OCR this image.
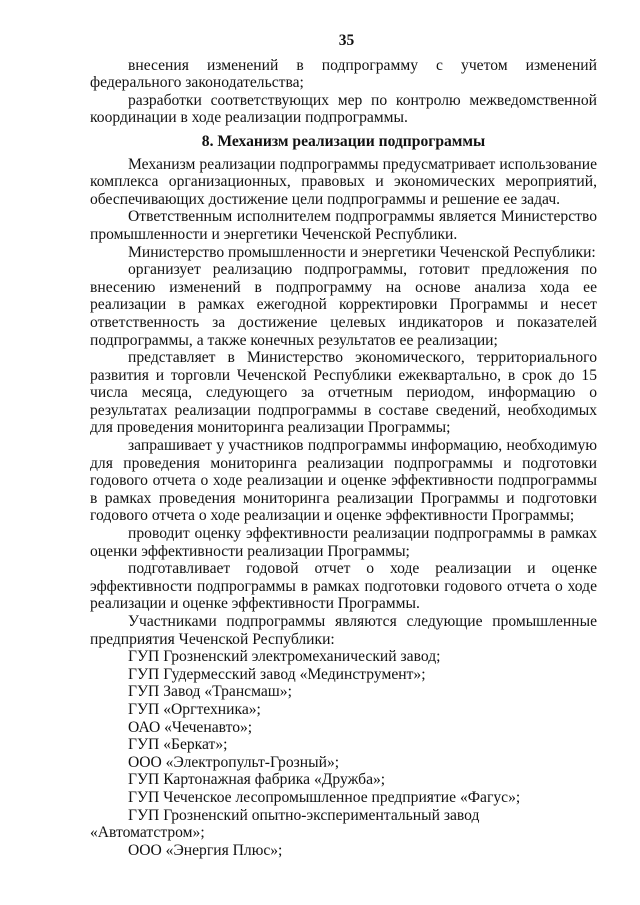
35

внесения изменений в подпрограмму с учетом изменений федерального законодательства;

разработки соответствующих мер по контролю межведомственной координации в ходе реализации подпрограммы.

8. Механизм реализации подпрограммы

Механизм реализации подпрограммы предусматривает использование комплекса организационных, правовых и экономических мероприятий, обеспечивающих достижение цели подпрограммы и решение ее задач.

Ответственным исполнителем подпрограммы является Министерство промышленности и энергетики Чеченской Республики.

Министерство промышленности и энергетики Чеченской Республики:

организует реализацию подпрограммы, готовит предложения по внесению изменений в подпрограмму на основе анализа хода ее реализации в рамках ежегодной корректировки Программы и несет ответственность за достижение целевых индикаторов и показателей подпрограммы, а также конечных результатов ее реализации;

представляет в Министерство экономического, территориального развития и торговли Чеченской Республики ежеквартально, в срок до 15 числа месяца, следующего за отчетным периодом, информацию о результатах реализации подпрограммы в составе сведений, необходимых для проведения мониторинга реализации Программы;

запрашивает у участников подпрограммы информацию, необходимую для проведения мониторинга реализации подпрограммы и подготовки годового отчета о ходе реализации и оценке эффективности подпрограммы в рамках проведения мониторинга реализации Программы и подготовки годового отчета о ходе реализации и оценке эффективности Программы;

проводит оценку эффективности реализации подпрограммы в рамках оценки эффективности реализации Программы;

подготавливает годовой отчет о ходе реализации и оценке эффективности подпрограммы в рамках подготовки годового отчета о ходе реализации и оценке эффективности Программы.

Участниками подпрограммы являются следующие промышленные предприятия Чеченской Республики:

ГУП Грозненский электромеханический завод;

ГУП Гудермесский завод «Мединструмент»;

ГУП Завод «Трансмаш»;

ГУП «Оргтехника»;

ОАО «Чеченавто»;

ГУП «Беркат»;

ООО «Электропульт-Грозный»;

ГУП Картонажная фабрика «Дружба»;

ГУП Чеченское лесопромышленное предприятие «Фагус»;

ГУП Грозненский опытно-экспериментальный завод «Автоматстром»;

ООО «Энергия Плюс»;
